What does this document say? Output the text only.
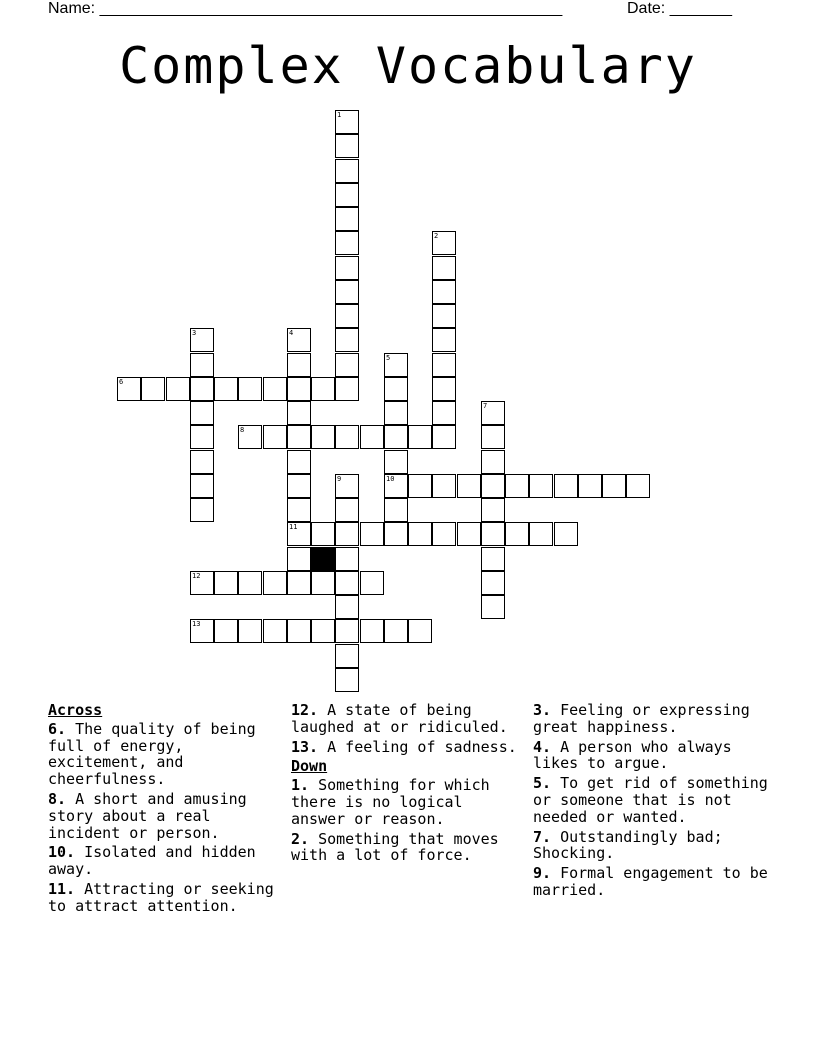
Name: ____________________________________________________	Date: _______
Complex Vocabulary
1
2
3	4
11
5
10
6
7
8
9
12
13
Across
6. The quality of being full of energy, excitement, and cheerfulness.
8. A short and amusing story about a real incident or person.
10. Isolated and hidden away.
11. Attracting or seeking to attract attention.
12. A state of being laughed at or ridiculed.
13. A feeling of sadness.
Down
1. Something for which there is no logical answer or reason.
2. Something that moves with a lot of force.
3. Feeling or expressing great happiness.
4. A person who always likes to argue.
5. To get rid of something or someone that is not needed or wanted.
7. Outstandingly bad; Shocking.
9. Formal engagement to be married.
